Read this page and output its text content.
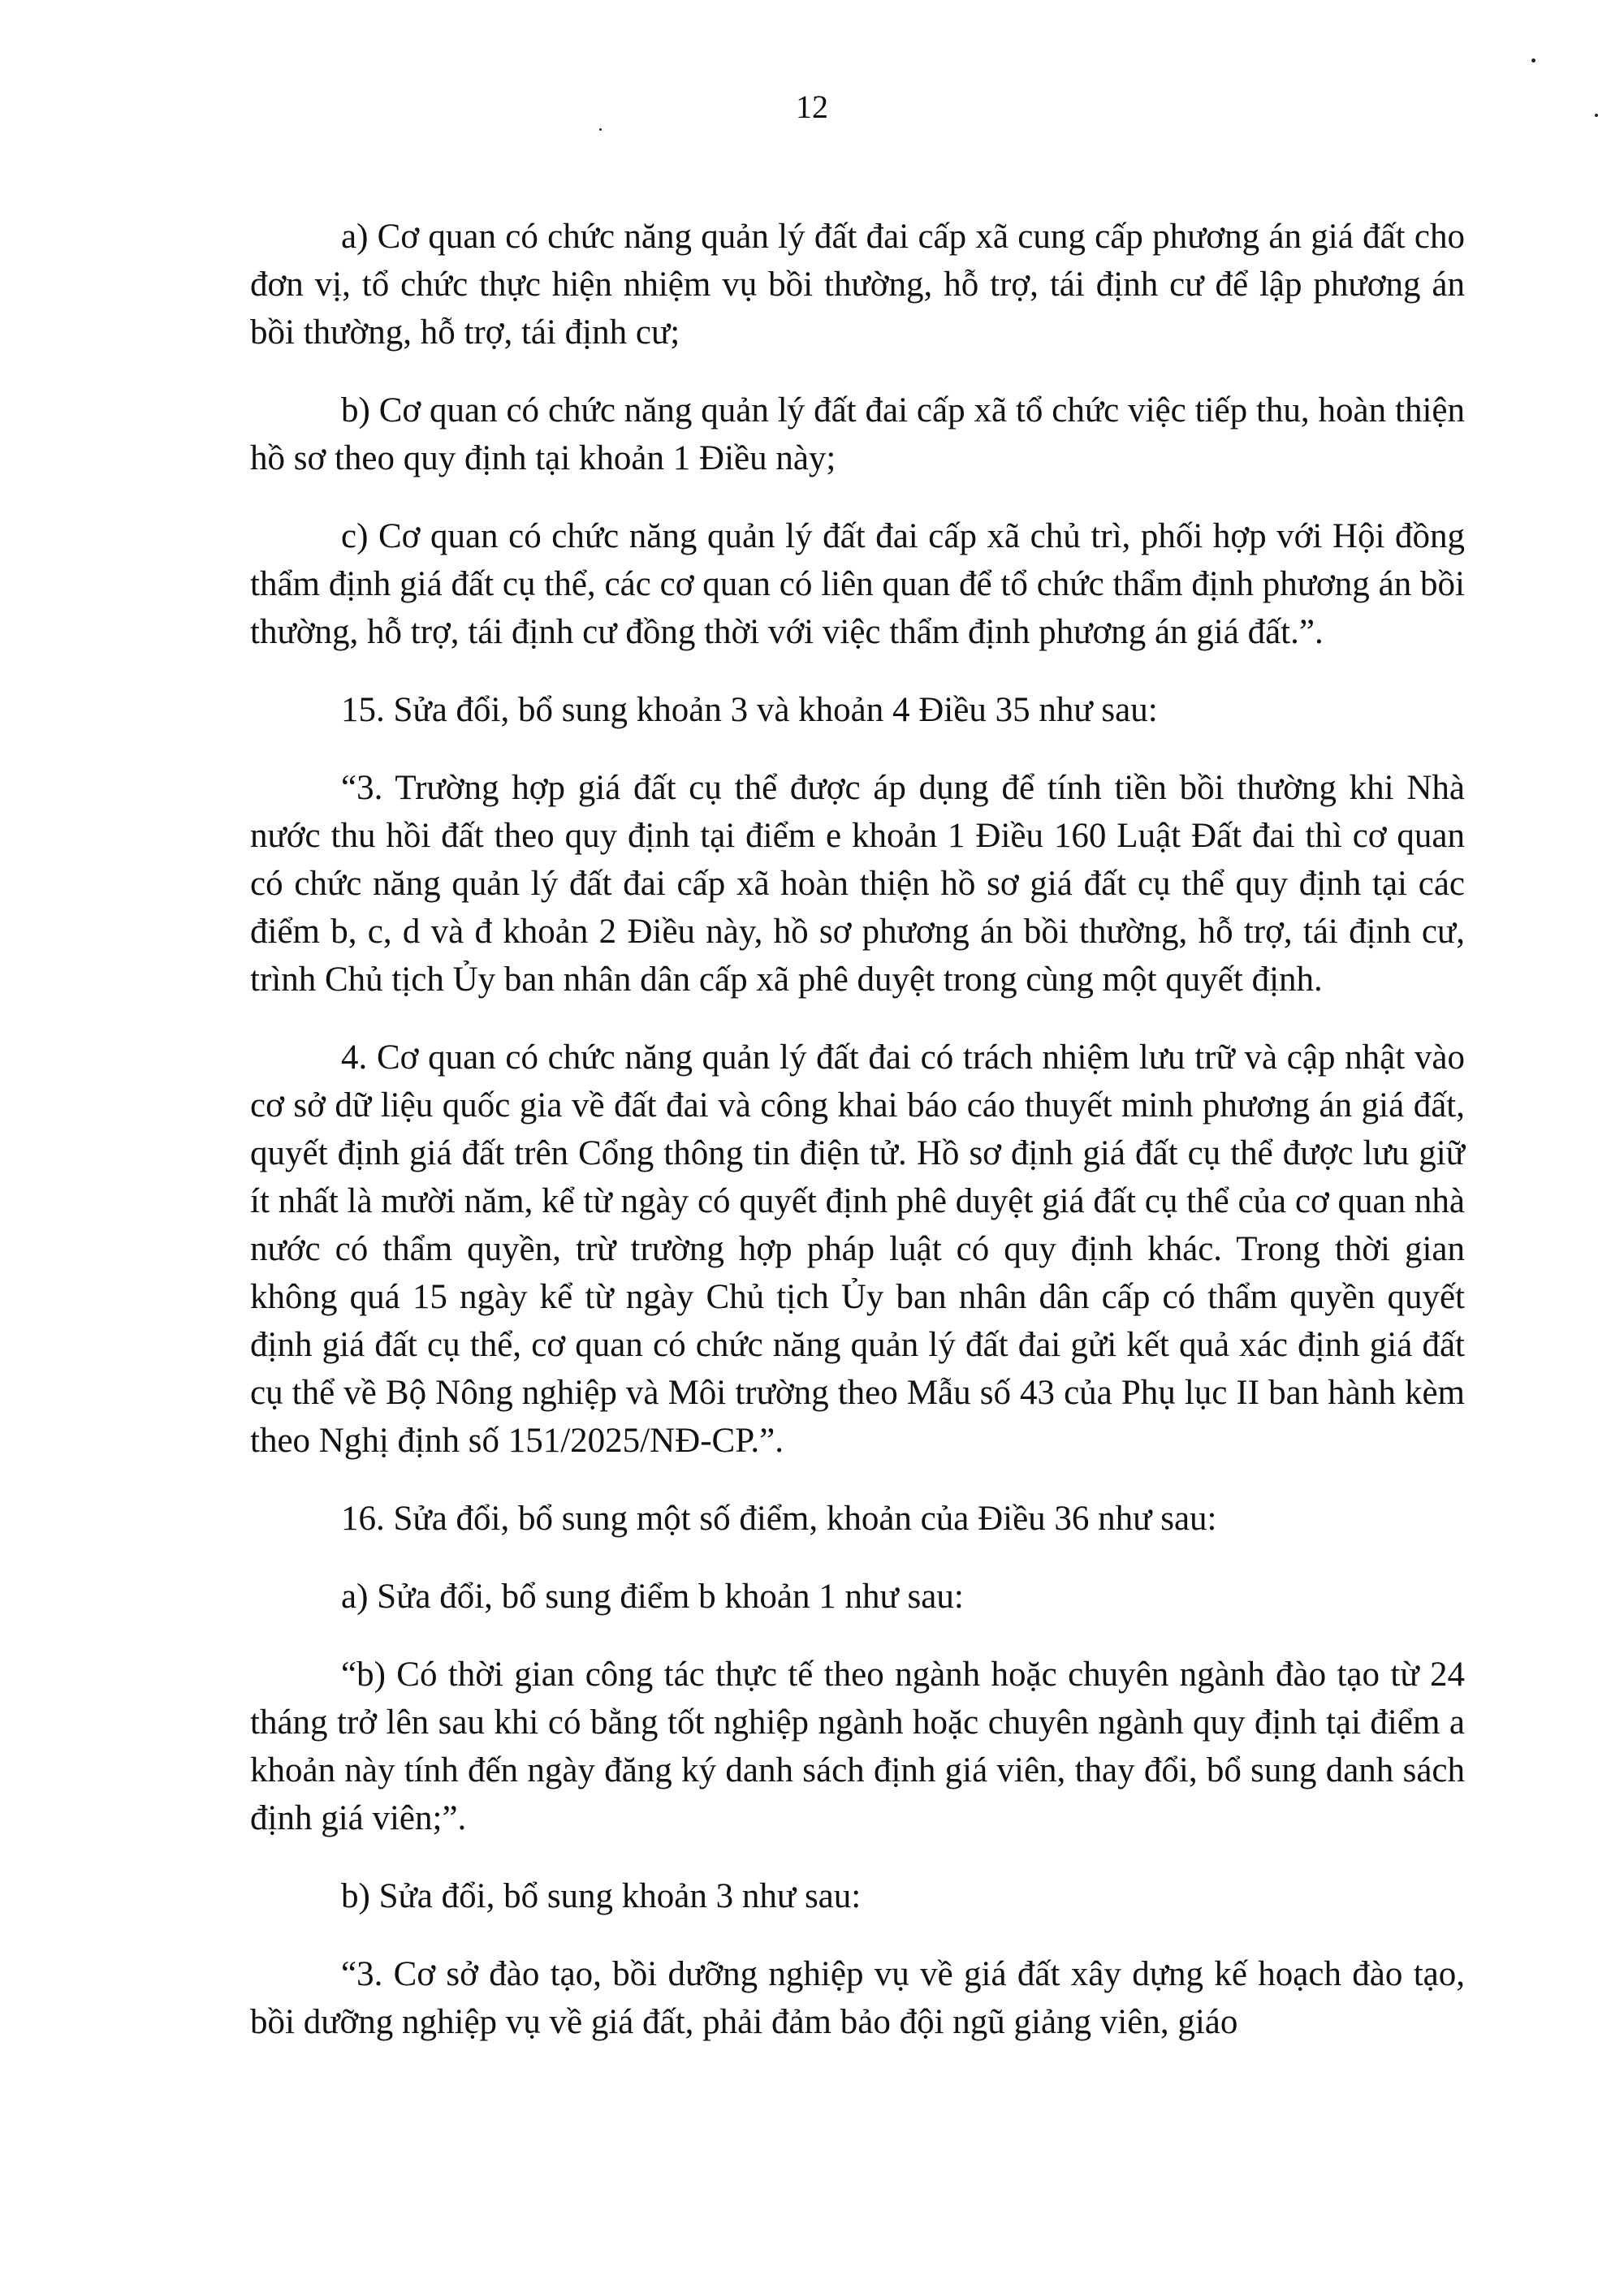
12

a) Cơ quan có chức năng quản lý đất đai cấp xã cung cấp phương án giá đất cho đơn vị, tổ chức thực hiện nhiệm vụ bồi thường, hỗ trợ, tái định cư để lập phương án bồi thường, hỗ trợ, tái định cư;

b) Cơ quan có chức năng quản lý đất đai cấp xã tổ chức việc tiếp thu, hoàn thiện hồ sơ theo quy định tại khoản 1 Điều này;

c) Cơ quan có chức năng quản lý đất đai cấp xã chủ trì, phối hợp với Hội đồng thẩm định giá đất cụ thể, các cơ quan có liên quan để tổ chức thẩm định phương án bồi thường, hỗ trợ, tái định cư đồng thời với việc thẩm định phương án giá đất.”.

15. Sửa đổi, bổ sung khoản 3 và khoản 4 Điều 35 như sau:

“3. Trường hợp giá đất cụ thể được áp dụng để tính tiền bồi thường khi Nhà nước thu hồi đất theo quy định tại điểm e khoản 1 Điều 160 Luật Đất đai thì cơ quan có chức năng quản lý đất đai cấp xã hoàn thiện hồ sơ giá đất cụ thể quy định tại các điểm b, c, d và đ khoản 2 Điều này, hồ sơ phương án bồi thường, hỗ trợ, tái định cư, trình Chủ tịch Ủy ban nhân dân cấp xã phê duyệt trong cùng một quyết định.

4. Cơ quan có chức năng quản lý đất đai có trách nhiệm lưu trữ và cập nhật vào cơ sở dữ liệu quốc gia về đất đai và công khai báo cáo thuyết minh phương án giá đất, quyết định giá đất trên Cổng thông tin điện tử. Hồ sơ định giá đất cụ thể được lưu giữ ít nhất là mười năm, kể từ ngày có quyết định phê duyệt giá đất cụ thể của cơ quan nhà nước có thẩm quyền, trừ trường hợp pháp luật có quy định khác. Trong thời gian không quá 15 ngày kể từ ngày Chủ tịch Ủy ban nhân dân cấp có thẩm quyền quyết định giá đất cụ thể, cơ quan có chức năng quản lý đất đai gửi kết quả xác định giá đất cụ thể về Bộ Nông nghiệp và Môi trường theo Mẫu số 43 của Phụ lục II ban hành kèm theo Nghị định số 151/2025/NĐ-CP.”.

16. Sửa đổi, bổ sung một số điểm, khoản của Điều 36 như sau:

a) Sửa đổi, bổ sung điểm b khoản 1 như sau:

“b) Có thời gian công tác thực tế theo ngành hoặc chuyên ngành đào tạo từ 24 tháng trở lên sau khi có bằng tốt nghiệp ngành hoặc chuyên ngành quy định tại điểm a khoản này tính đến ngày đăng ký danh sách định giá viên, thay đổi, bổ sung danh sách định giá viên;”.

b) Sửa đổi, bổ sung khoản 3 như sau:

“3. Cơ sở đào tạo, bồi dưỡng nghiệp vụ về giá đất xây dựng kế hoạch đào tạo, bồi dưỡng nghiệp vụ về giá đất, phải đảm bảo đội ngũ giảng viên, giáo
